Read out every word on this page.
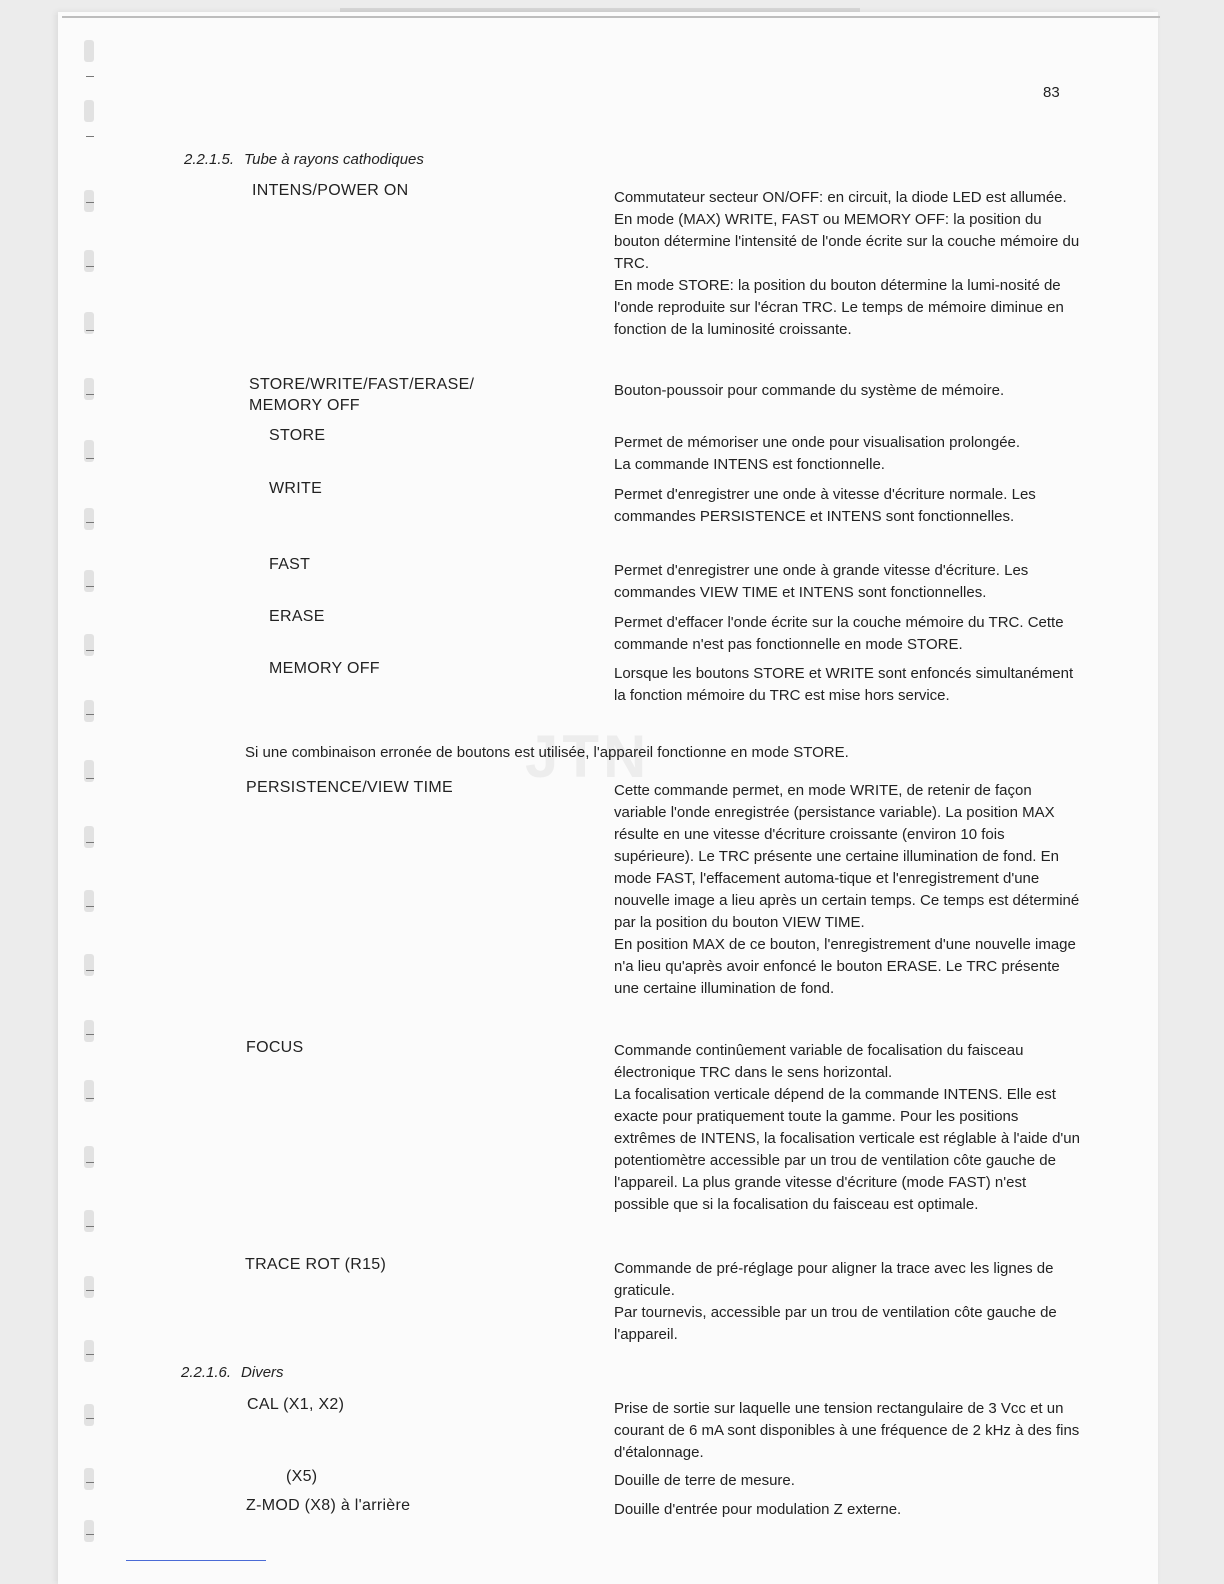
JTN
83
2.2.1.5. Tube à rayons cathodiques
INTENS/POWER ON	Commutateur secteur ON/OFF: en circuit, la diode LED est allumée.

En mode (MAX) WRITE, FAST ou MEMORY OFF: la position du bouton détermine l'intensité de l'onde écrite sur la couche mémoire du TRC.

En mode STORE: la position du bouton détermine la lumi-nosité de l'onde reproduite sur l'écran TRC. Le temps de mémoire diminue en fonction de la luminosité croissante.

STORE/WRITE/FAST/ERASE/
MEMORY OFF

Bouton-poussoir pour commande du système de mémoire.

STORE	Permet de mémoriser une onde pour visualisation prolongée.

La commande INTENS est fonctionnelle.

WRITE	Permet d'enregistrer une onde à vitesse d'écriture normale. Les commandes PERSISTENCE et INTENS sont fonctionnelles.

FAST	Permet d'enregistrer une onde à grande vitesse d'écriture. Les commandes VIEW TIME et INTENS sont fonctionnelles.

ERASE	Permet d'effacer l'onde écrite sur la couche mémoire du TRC. Cette commande n'est pas fonctionnelle en mode STORE.

MEMORY OFF	Lorsque les boutons STORE et WRITE sont enfoncés simultanément la fonction mémoire du TRC est mise hors service.

Si une combinaison erronée de boutons est utilisée, l'appareil fonctionne en mode STORE.
PERSISTENCE/VIEW TIME	Cette commande permet, en mode WRITE, de retenir de façon variable l'onde enregistrée (persistance variable). La position MAX résulte en une vitesse d'écriture croissante (environ 10 fois supérieure). Le TRC présente une certaine illumination de fond. En mode FAST, l'effacement automa-tique et l'enregistrement d'une nouvelle image a lieu après un certain temps. Ce temps est déterminé par la position du bouton VIEW TIME.

En position MAX de ce bouton, l'enregistrement d'une nouvelle image n'a lieu qu'après avoir enfoncé le bouton ERASE. Le TRC présente une certaine illumination de fond.

FOCUS	Commande continûement variable de focalisation du faisceau électronique TRC dans le sens horizontal.

La focalisation verticale dépend de la commande INTENS. Elle est exacte pour pratiquement toute la gamme. Pour les positions extrêmes de INTENS, la focalisation verticale est réglable à l'aide d'un potentiomètre accessible par un trou de ventilation côte gauche de l'appareil. La plus grande vitesse d'écriture (mode FAST) n'est possible que si la focalisation du faisceau est optimale.

TRACE ROT (R15)	Commande de pré-réglage pour aligner la trace avec les lignes de graticule.

Par tournevis, accessible par un trou de ventilation côte gauche de l'appareil.

2.2.1.6. Divers
CAL (X1, X2)	Prise de sortie sur laquelle une tension rectangulaire de 3 Vcc et un courant de 6 mA sont disponibles à une fréquence de 2 kHz à des fins d'étalonnage.

(X5)	Douille de terre de mesure.

Z-MOD (X8) à l'arrière	Douille d'entrée pour modulation Z externe.
